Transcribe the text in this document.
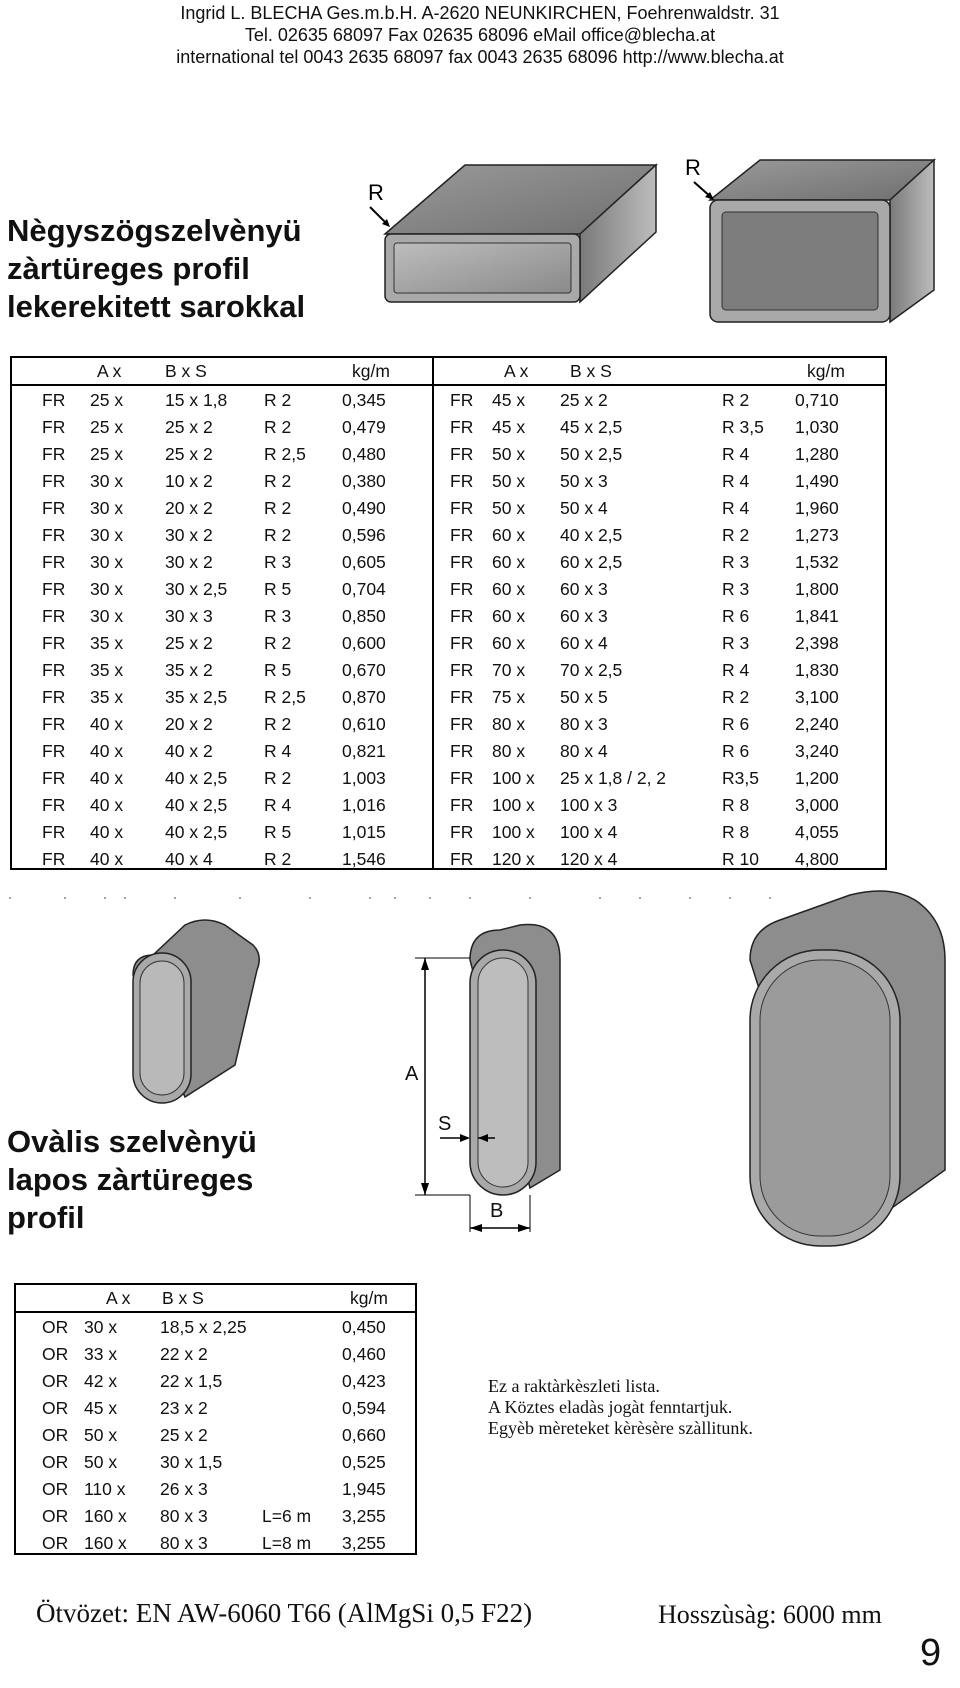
Ingrid L. BLECHA Ges.m.b.H. A-2620 NEUNKIRCHEN, Foehrenwaldstr. 31
Tel. 02635 68097 Fax 02635 68096 eMail office@blecha.at
international tel 0043 2635 68097 fax 0043 2635 68096 http://www.blecha.at
Nègyszögszelvènyü
zàrtüreges profil
lekerekitett sarokkal
R
R
A x B x S	kg/m	A x B x S	kg/m
FR 25 x 15 x 1,8 R 2	0,345	FR 45 x 25 x 2	R 2	0,710
FR 25 x 25 x 2	R 2	0,479	FR 45 x 45 x 2,5	R 3,5 1,030
FR 25 x 25 x 2	R 2,5 0,480	FR 50 x 50 x 2,5	R 4	1,280
FR 30 x 10 x 2	R 2	0,380	FR 50 x 50 x 3	R 4	1,490
FR 30 x 20 x 2	R 2	0,490	FR 50 x 50 x 4	R 4	1,960
FR 30 x 30 x 2	R 2	0,596	FR 60 x 40 x 2,5	R 2	1,273
FR 30 x 30 x 2	R 3	0,605	FR 60 x 60 x 2,5	R 3	1,532
FR 30 x 30 x 2,5 R 5	0,704	FR 60 x 60 x 3	R 3	1,800
FR 30 x 30 x 3	R 3	0,850	FR 60 x 60 x 3	R 6	1,841
FR 35 x 25 x 2	R 2	0,600	FR 60 x 60 x 4	R 3	2,398
FR 35 x 35 x 2	R 5	0,670	FR 70 x 70 x 2,5	R 4	1,830
FR 35 x 35 x 2,5 R 2,5 0,870	FR 75 x 50 x 5	R 2	3,100
FR 40 x 20 x 2	R 2	0,610	FR 80 x 80 x 3	R 6	2,240
FR 40 x 40 x 2	R 4	0,821	FR 80 x 80 x 4	R 6	3,240
FR 40 x 40 x 2,5 R 2	1,003	FR 100 x 25 x 1,8 / 2, 2	R3,5 1,200
FR 40 x 40 x 2,5 R 4	1,016	FR 100 x 100 x 3	R 8	3,000
FR 40 x 40 x 2,5 R 5	1,015	FR 100 x 100 x 4	R 8	4,055
FR 40 x 40 x 4	R 2	1,546	FR 120 x 120 x 4	R 10 4,800
Ovàlis szelvènyü
lapos zàrtüreges
profil
A
S
B
A x B x S	kg/m
OR 30 x 18,5 x 2,25	0,450
OR 33 x 22 x 2	0,460
OR 42 x 22 x 1,5	0,423
OR 45 x 23 x 2	0,594
OR 50 x 25 x 2	0,660
OR 50 x 30 x 1,5	0,525
OR 110 x 26 x 3	1,945
OR 160 x 80 x 3	L=6 m 3,255
OR 160 x 80 x 3	L=8 m 3,255
Ez a raktàrkèszleti lista.
A Köztes eladàs jogàt fenntartjuk.
Egyèb mèreteket kèrèsère szàllitunk.
Ötvözet: EN AW-6060 T66 (AlMgSi 0,5 F22)	Hosszùsàg: 6000 mm
9
